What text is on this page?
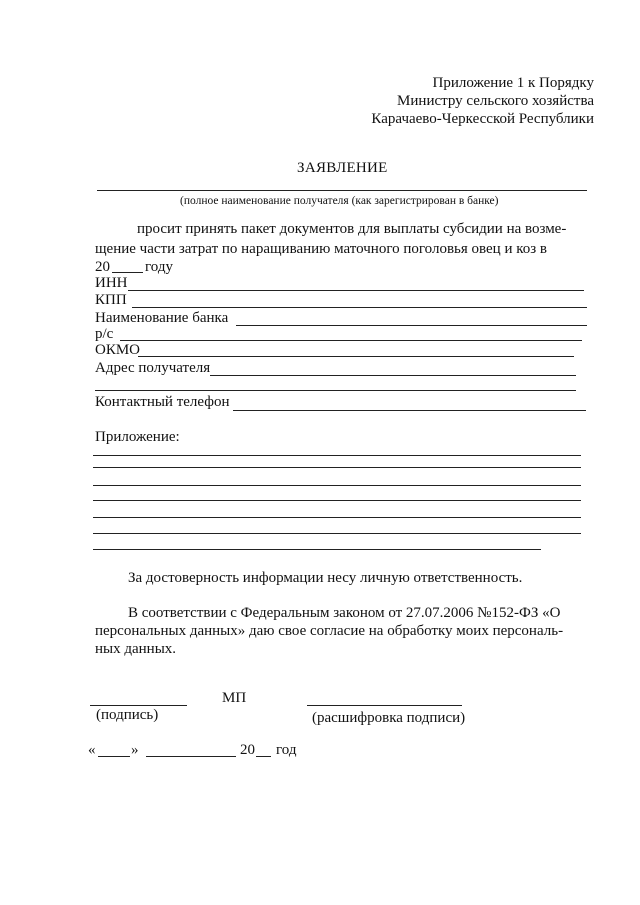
Приложение 1 к Порядку
Министру сельского хозяйства
Карачаево-Черкесской Республики
ЗАЯВЛЕНИЕ
(полное наименование получателя (как зарегистрирован в банке)
просит принять пакет документов для выплаты субсидии на возме-
щение части затрат по наращиванию маточного поголовья овец и коз в
20 году
ИНН
КПП
Наименование банка
р/с
ОКМО
Адрес получателя
Контактный телефон
Приложение:
За достоверность информации несу личную ответственность.
В соответствии с Федеральным законом от 27.07.2006 №152-ФЗ «О
персональных данных» даю свое согласие на обработку моих персональ-
ных данных.
МП
(подпись)	(расшифровка подписи)
« »	20 год
